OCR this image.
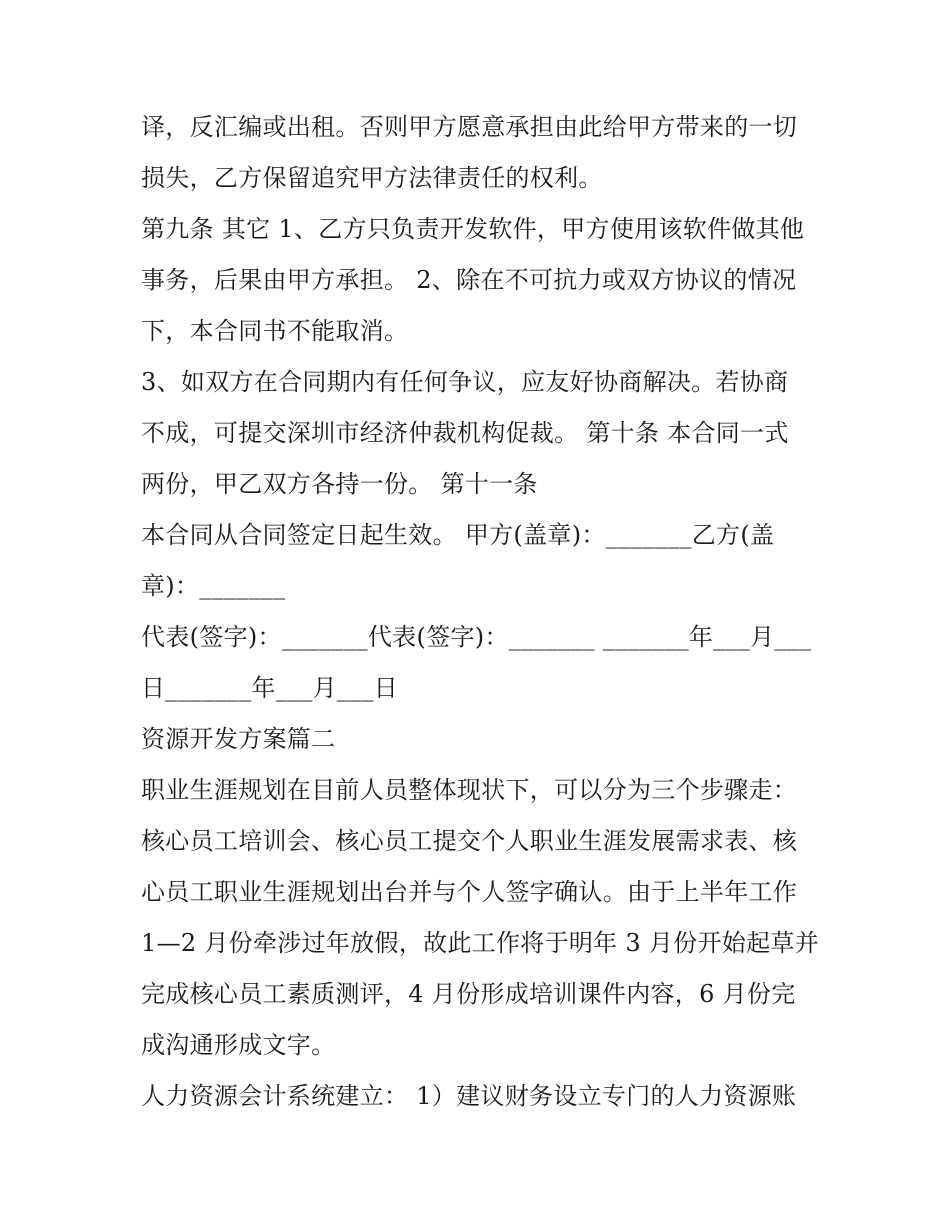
译，反汇编或出租。否则甲方愿意承担由此给甲方带来的一切
损失，乙方保留追究甲方法律责任的权利。
第九条 其它 1、乙方只负责开发软件，甲方使用该软件做其他
事务，后果由甲方承担。 2、除在不可抗力或双方协议的情况
下，本合同书不能取消。
3、如双方在合同期内有任何争议，应友好协商解决。若协商
不成，可提交深圳市经济仲裁机构促裁。 第十条 本合同一式
两份，甲乙双方各持一份。 第十一条
本合同从合同签定日起生效。 甲方(盖章)：_______乙方(盖
章)：_______
代表(签字)：_______代表(签字)：_______ _______年___月___
日_______年___月___日
资源开发方案篇二
职业生涯规划在目前人员整体现状下，可以分为三个步骤走：
核心员工培训会、核心员工提交个人职业生涯发展需求表、核
心员工职业生涯规划出台并与个人签字确认。由于上半年工作
1—2 月份牵涉过年放假，故此工作将于明年 3 月份开始起草并
完成核心员工素质测评，4 月份形成培训课件内容，6 月份完
成沟通形成文字。
人力资源会计系统建立： 1）建议财务设立专门的人力资源账
